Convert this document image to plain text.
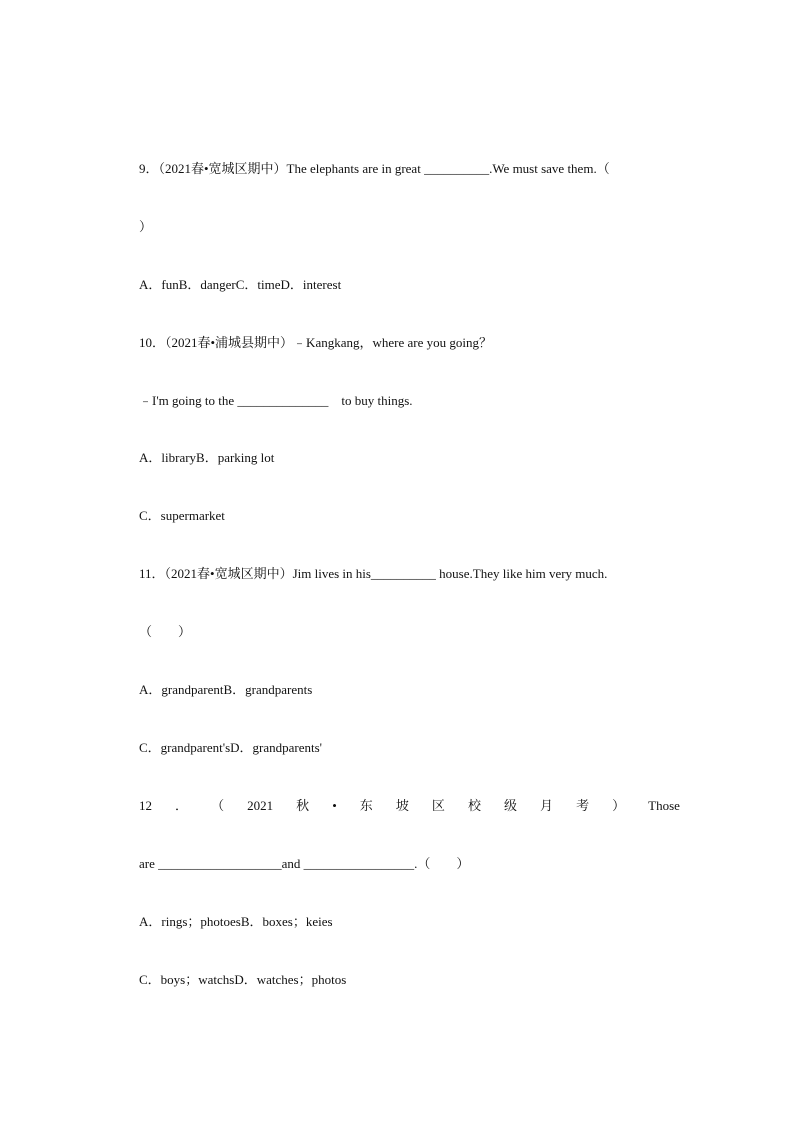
9．（2021春•宽城区期中）The elephants are in great __________.We must save them.（
）
A．funB．dangerC．timeD．interest
10．（2021春•浦城县期中）﹣Kangkang，where are you going？
﹣I'm going to the ______________    to buy things.
A．libraryB．parking lot
C．supermarket
11．（2021春•宽城区期中）Jim lives in his__________ house.They like him very much.
（　　）
A．grandparentB．grandparents
C．grandparent'sD．grandparents'
12 ． （ 2021 秋 • 东 坡 区 校 级 月 考 ） Those
are ___________________and _________________.（　　）
A．rings；photoesB．boxes；keies
C．boys；watchsD．watches；photos
